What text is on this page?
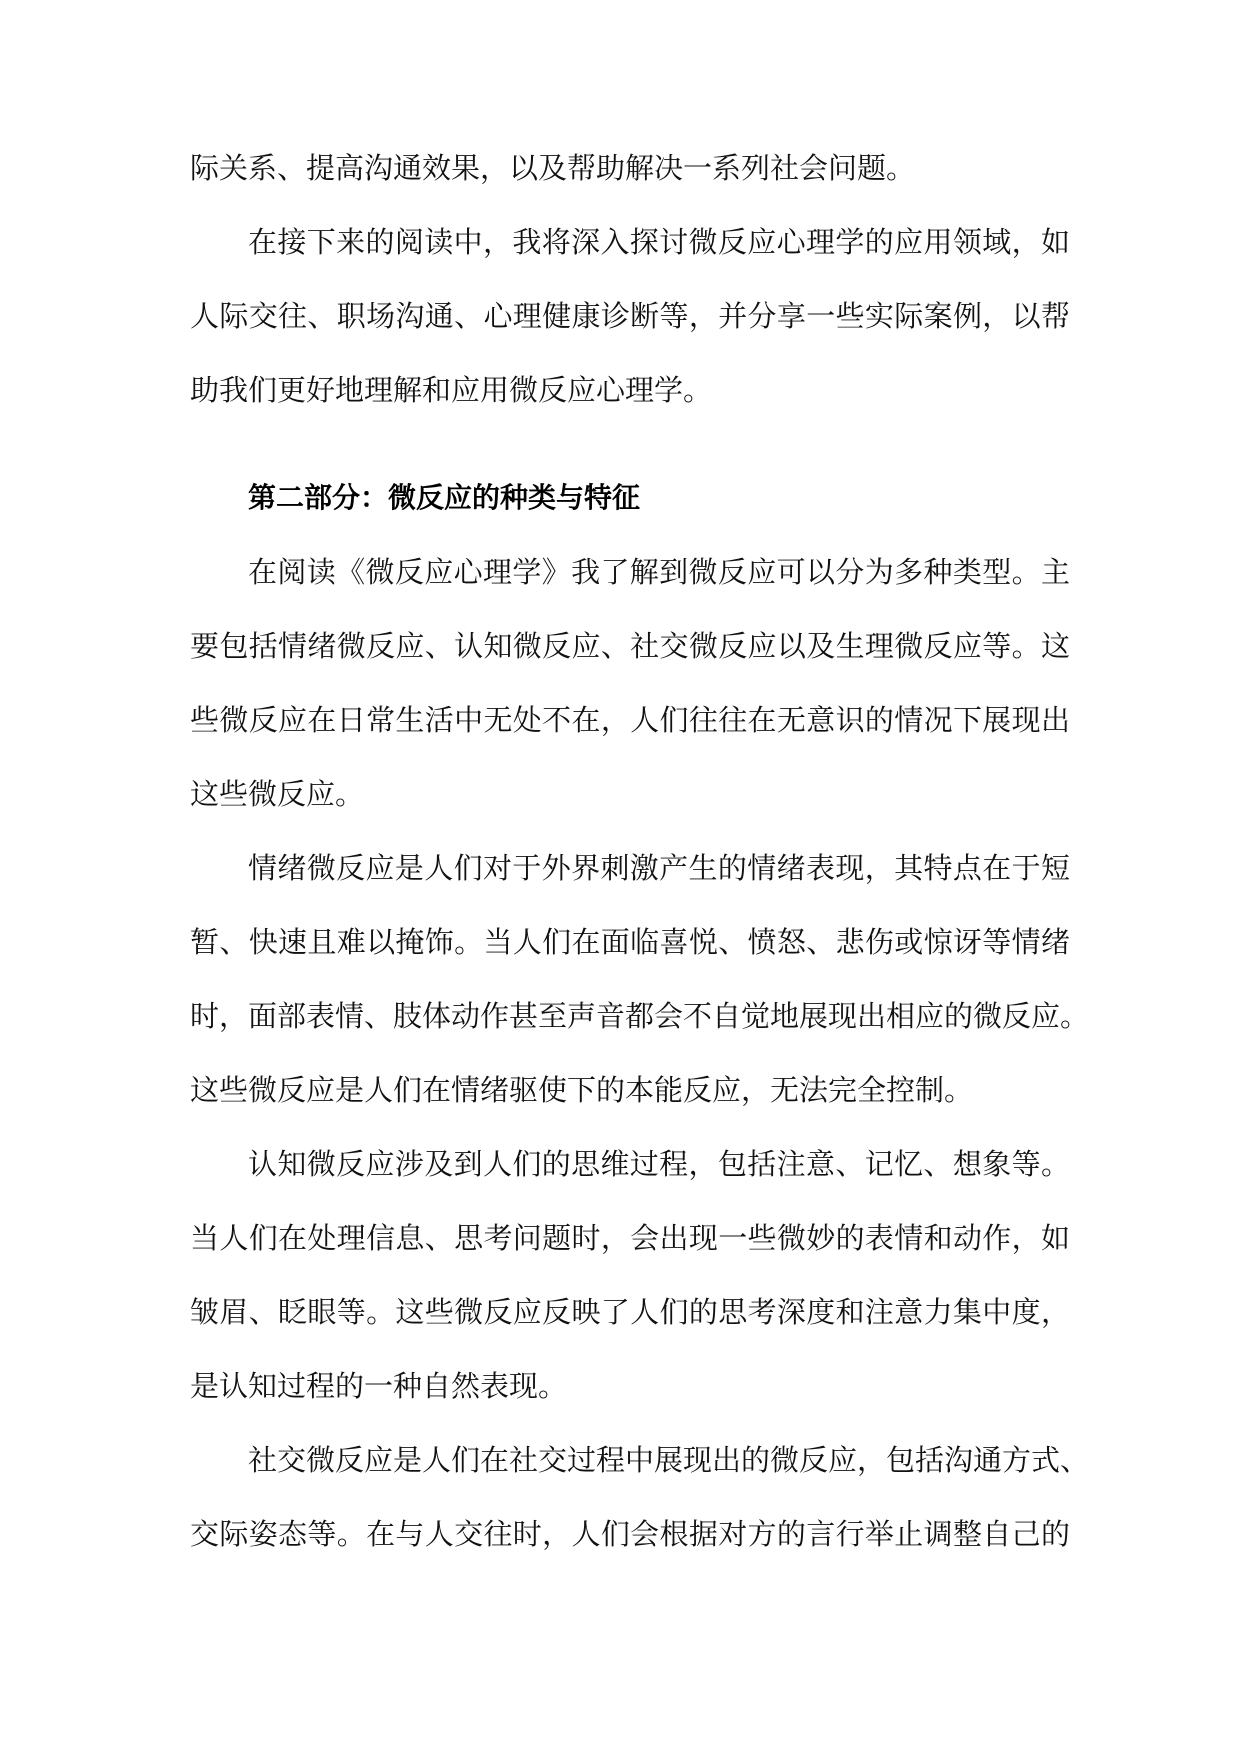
际关系、提高沟通效果，以及帮助解决一系列社会问题。
在接下来的阅读中，我将深入探讨微反应心理学的应用领域，如
人际交往、职场沟通、心理健康诊断等，并分享一些实际案例，以帮
助我们更好地理解和应用微反应心理学。
第二部分：微反应的种类与特征
在阅读《微反应心理学》我了解到微反应可以分为多种类型。主
要包括情绪微反应、认知微反应、社交微反应以及生理微反应等。这
些微反应在日常生活中无处不在，人们往往在无意识的情况下展现出
这些微反应。
情绪微反应是人们对于外界刺激产生的情绪表现，其特点在于短
暂、快速且难以掩饰。当人们在面临喜悦、愤怒、悲伤或惊讶等情绪
时，面部表情、肢体动作甚至声音都会不自觉地展现出相应的微反应。
这些微反应是人们在情绪驱使下的本能反应，无法完全控制。
认知微反应涉及到人们的思维过程，包括注意、记忆、想象等。
当人们在处理信息、思考问题时，会出现一些微妙的表情和动作，如
皱眉、眨眼等。这些微反应反映了人们的思考深度和注意力集中度，
是认知过程的一种自然表现。
社交微反应是人们在社交过程中展现出的微反应，包括沟通方式、
交际姿态等。在与人交往时，人们会根据对方的言行举止调整自己的
